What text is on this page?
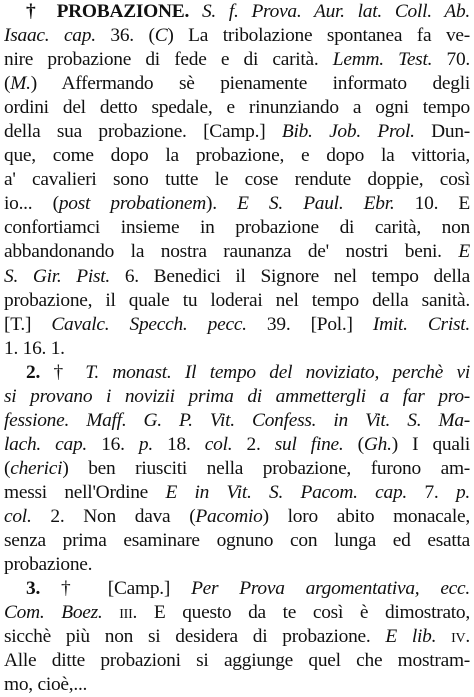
† PROBAZIONE. S. f. Prova. Aur. lat. Coll. Ab.
Isaac. cap. 36. (C) La tribolazione spontanea fa ve-
nire probazione di fede e di carità. Lemm. Test. 70.
(M.) Affermando sè pienamente informato degli
ordini del detto spedale, e rinunziando a ogni tempo
della sua probazione. [Camp.] Bib. Job. Prol. Dun-
que, come dopo la probazione, e dopo la vittoria,
a' cavalieri sono tutte le cose rendute doppie, così
io... (post probationem). E S. Paul. Ebr. 10. E
confortiamci insieme in probazione di carità, non
abbandonando la nostra raunanza de' nostri beni. E
S. Gir. Pist. 6. Benedici il Signore nel tempo della
probazione, il quale tu loderai nel tempo della sanità.
[T.] Cavalc. Specch. pecc. 39. [Pol.] Imit. Crist.
1. 16. 1.
2. † T. monast. Il tempo del noviziato, perchè vi
si provano i novizii prima di ammettergli a far pro-
fessione. Maff. G. P. Vit. Confess. in Vit. S. Ma-
lach. cap. 16. p. 18. col. 2. sul fine. (Gh.) I quali
(cherici) ben riusciti nella probazione, furono am-
messi nell'Ordine E in Vit. S. Pacom. cap. 7. p.
col. 2. Non dava (Pacomio) loro abito monacale,
senza prima esaminare ognuno con lunga ed esatta
probazione.
3. † [Camp.] Per Prova argomentativa, ecc.
Com. Boez. iii. E questo da te così è dimostrato,
sicchè più non si desidera di probazione. E lib. iv.
Alle ditte probazioni si aggiunge quel che mostram-
mo, cioè,...
